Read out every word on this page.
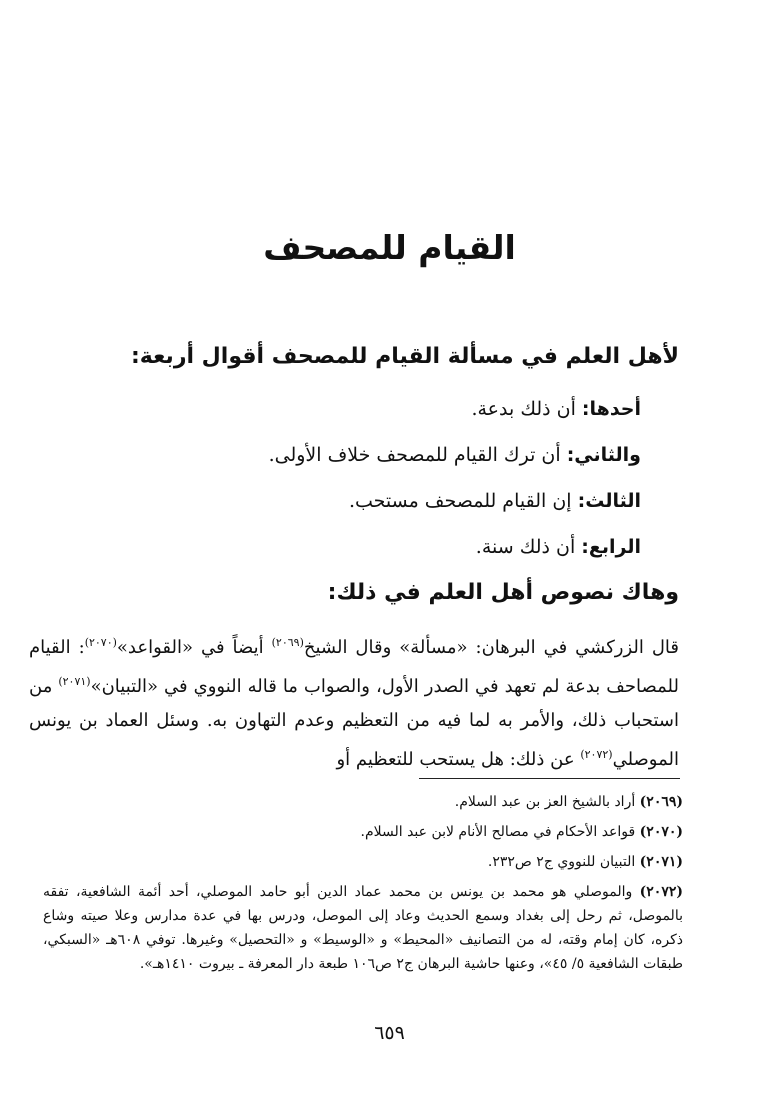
القيام للمصحف
لأهل العلم في مسألة القيام للمصحف أقوال أربعة:
أحدها: أن ذلك بدعة.
والثاني: أن ترك القيام للمصحف خلاف الأولى.
الثالث: إن القيام للمصحف مستحب.
الرابع: أن ذلك سنة.
وهاك نصوص أهل العلم في ذلك:

قال الزركشي في البرهان: «مسألة» وقال الشيخ$^{(٢٠٦٩)}$ أيضاً في «القواعد»$^{(٢٠٧٠)}$: القيام للمصاحف بدعة لم تعهد في الصدر الأول، والصواب ما قاله النووي في «التبيان»$^{(٢٠٧١)}$ من استحباب ذلك، والأمر به لما فيه من التعظيم وعدم التهاون به. وسئل العماد بن يونس الموصلي$^{(٢٠٧٢)}$ عن ذلك: هل يستحب للتعظيم أو

(٢٠٦٩) أراد بالشيخ العز بن عبد السلام.

(٢٠٧٠) قواعد الأحكام في مصالح الأنام لابن عبد السلام.

(٢٠٧١) التبيان للنووي ج٢ ص٢٣٢.

(٢٠٧٢) والموصلي هو محمد بن يونس بن محمد عماد الدين أبو حامد الموصلي، أحد أئمة الشافعية، تفقه بالموصل، ثم رحل إلى بغداد وسمع الحديث وعاد إلى الموصل، ودرس بها في عدة مدارس وعلا صيته وشاع ذكره، كان إمام وقته، له من التصانيف «المحيط» و «الوسيط» و «التحصيل» وغيرها. توفي ٦٠٨هـ «السبكي، طبقات الشافعية ٥/ ٤٥»، وعنها حاشية البرهان ج٢ ص١٠٦ طبعة دار المعرفة ـ بيروت ١٤١٠هـ».

٦٥٩
